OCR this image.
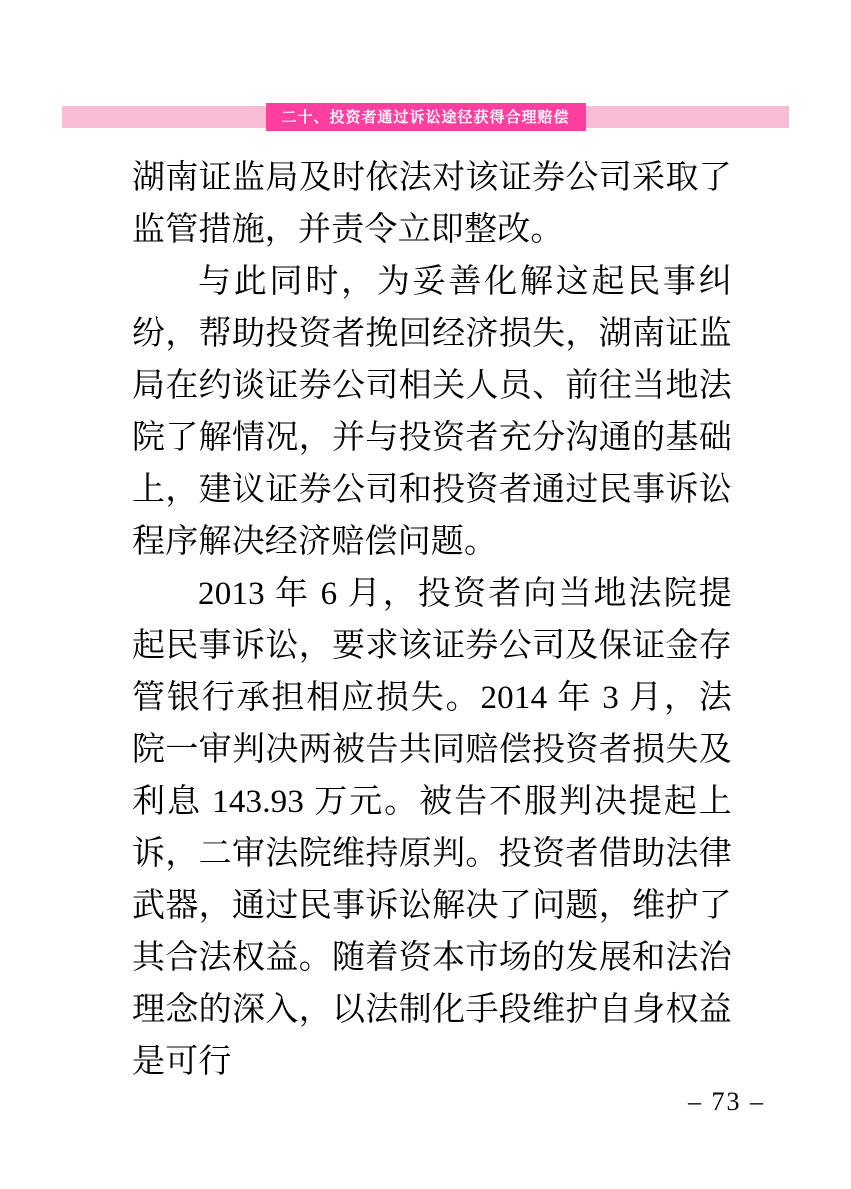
二十、投资者通过诉讼途径获得合理赔偿

湖南证监局及时依法对该证券公司采取了监管措施，并责令立即整改。

与此同时，为妥善化解这起民事纠纷，帮助投资者挽回经济损失，湖南证监局在约谈证券公司相关人员、前往当地法院了解情况，并与投资者充分沟通的基础上，建议证券公司和投资者通过民事诉讼程序解决经济赔偿问题。

2013 年 6 月，投资者向当地法院提起民事诉讼，要求该证券公司及保证金存管银行承担相应损失。2014 年 3 月，法院一审判决两被告共同赔偿投资者损失及利息 143.93 万元。被告不服判决提起上诉，二审法院维持原判。投资者借助法律武器，通过民事诉讼解决了问题，维护了其合法权益。随着资本市场的发展和法治理念的深入，以法制化手段维护自身权益是可行

– 73 –
